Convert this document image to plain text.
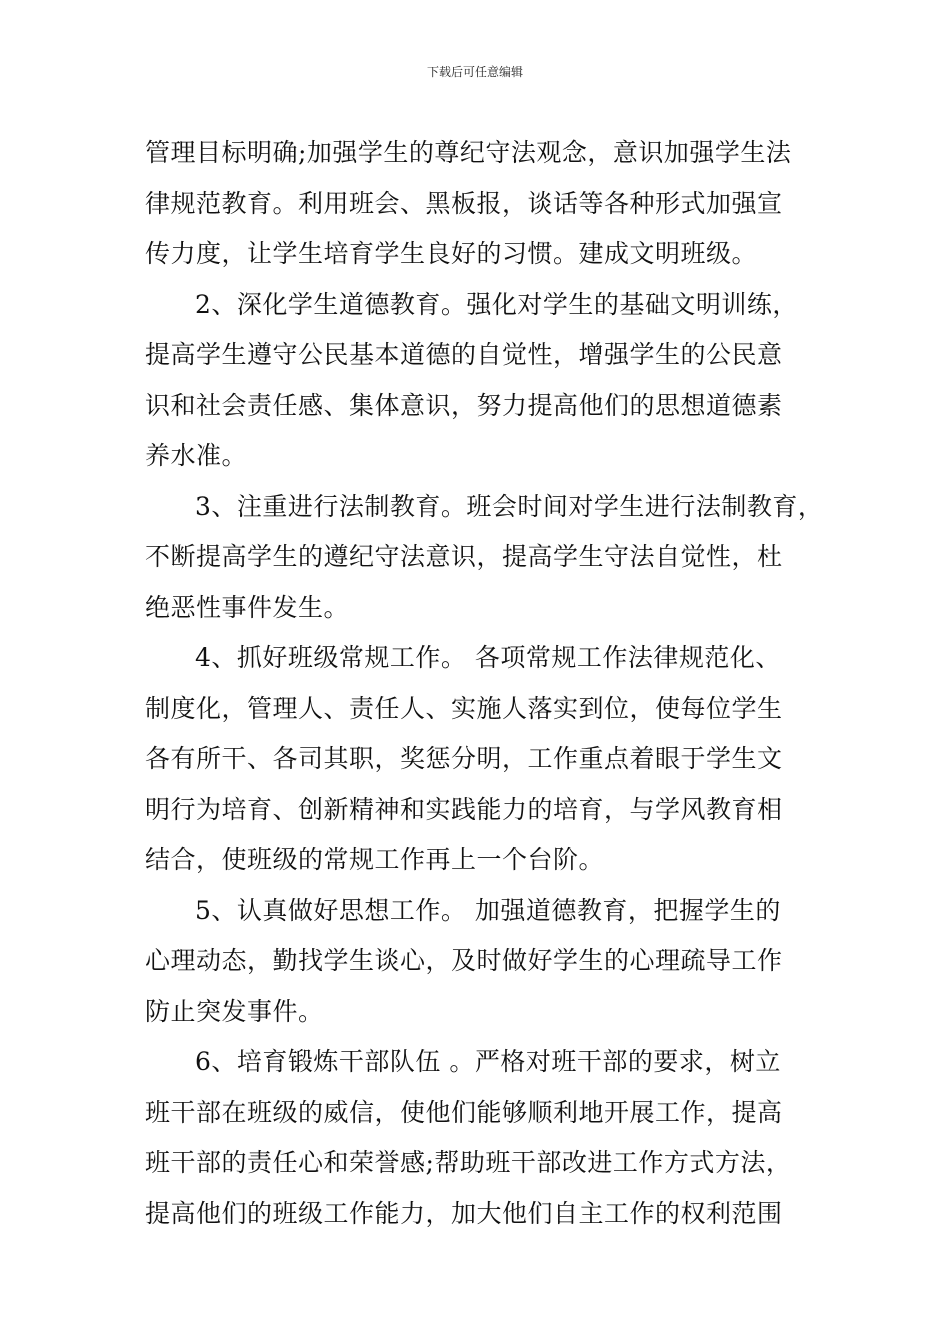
下载后可任意编辑
管理目标明确;加强学生的尊纪守法观念，意识加强学生法
律规范教育。利用班会、黑板报，谈话等各种形式加强宣
传力度，让学生培育学生良好的习惯。建成文明班级。
2、深化学生道德教育。强化对学生的基础文明训练，
提高学生遵守公民基本道德的自觉性，增强学生的公民意
识和社会责任感、集体意识，努力提高他们的思想道德素
养水准。
3、注重进行法制教育。班会时间对学生进行法制教育，
不断提高学生的遵纪守法意识，提高学生守法自觉性，杜
绝恶性事件发生。
4、抓好班级常规工作。 各项常规工作法律规范化、
制度化，管理人、责任人、实施人落实到位，使每位学生
各有所干、各司其职，奖惩分明，工作重点着眼于学生文
明行为培育、创新精神和实践能力的培育，与学风教育相
结合，使班级的常规工作再上一个台阶。
5、认真做好思想工作。 加强道德教育，把握学生的
心理动态，勤找学生谈心，及时做好学生的心理疏导工作
防止突发事件。
6、培育锻炼干部队伍 。严格对班干部的要求，树立
班干部在班级的威信，使他们能够顺利地开展工作，提高
班干部的责任心和荣誉感;帮助班干部改进工作方式方法，
提高他们的班级工作能力，加大他们自主工作的权利范围
